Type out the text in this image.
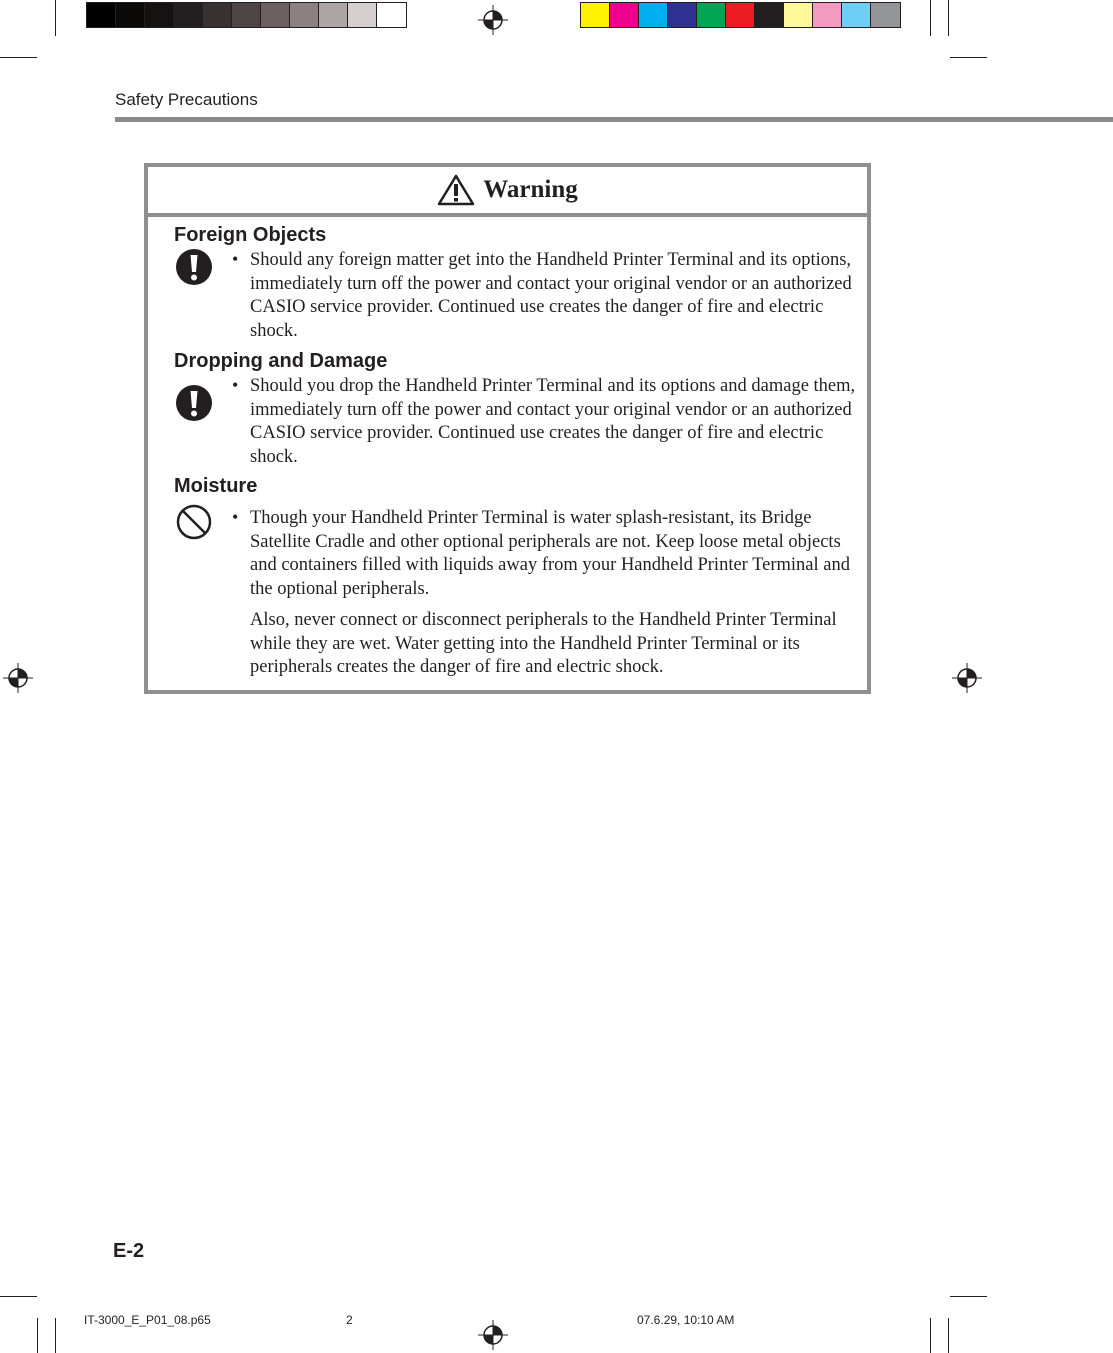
Safety Precautions
Warning
Foreign Objects
• Should any foreign matter get into the Handheld Printer Terminal and its options, immediately turn off the power and contact your original vendor or an authorized CASIO service provider. Continued use creates the danger of fire and electric shock.
Dropping and Damage
• Should you drop the Handheld Printer Terminal and its options and damage them, immediately turn off the power and contact your original vendor or an authorized CASIO service provider. Continued use creates the danger of fire and electric shock.
Moisture
• Though your Handheld Printer Terminal is water splash-resistant, its Bridge Satellite Cradle and other optional peripherals are not. Keep loose metal objects and containers filled with liquids away from your Handheld Printer Terminal and the optional peripherals.
Also, never connect or disconnect peripherals to the Handheld Printer Terminal while they are wet. Water getting into the Handheld Printer Terminal or its peripherals creates the danger of fire and electric shock.
E-2
IT-3000_E_P01_08.p65	2	07.6.29, 10:10 AM
